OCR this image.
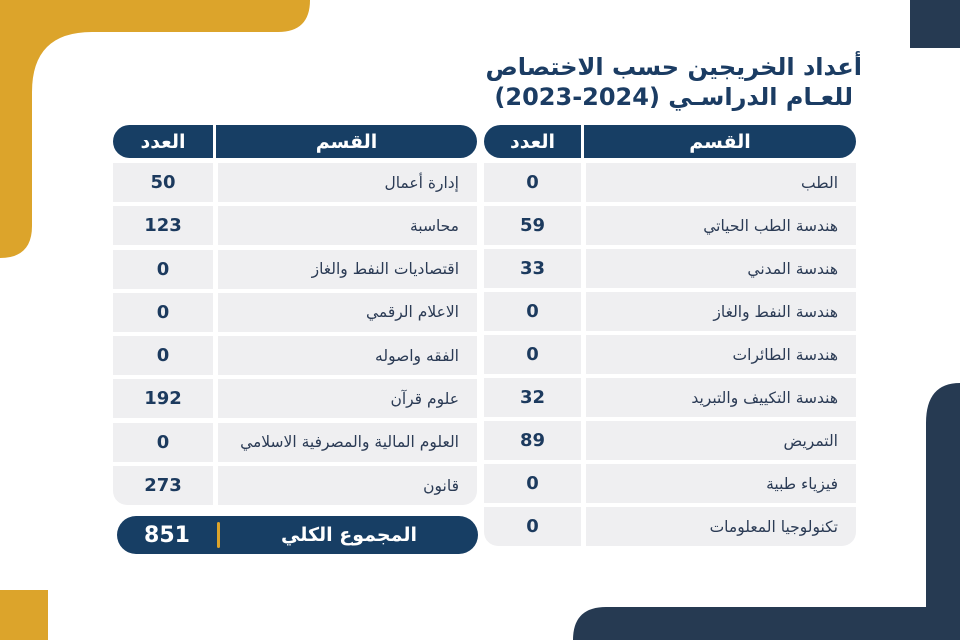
أعداد الخريجين حسب الاختصاص
للعـام الدراسـي (2024-2023)
القسم
العدد
الطب
0
هندسة الطب الحياتي
59
هندسة المدني
33
هندسة النفط والغاز
0
هندسة الطائرات
0
هندسة التكييف والتبريد
32
التمريض
89
فيزياء طبية
0
تكنولوجيا المعلومات
0
القسم
العدد
إدارة أعمال
50
محاسبة
123
اقتصاديات النفط والغاز
0
الاعلام الرقمي
0
الفقه واصوله
0
علوم قرآن
192
العلوم المالية والمصرفية الاسلامي
0
قانون
273
المجموع الكلي
851
